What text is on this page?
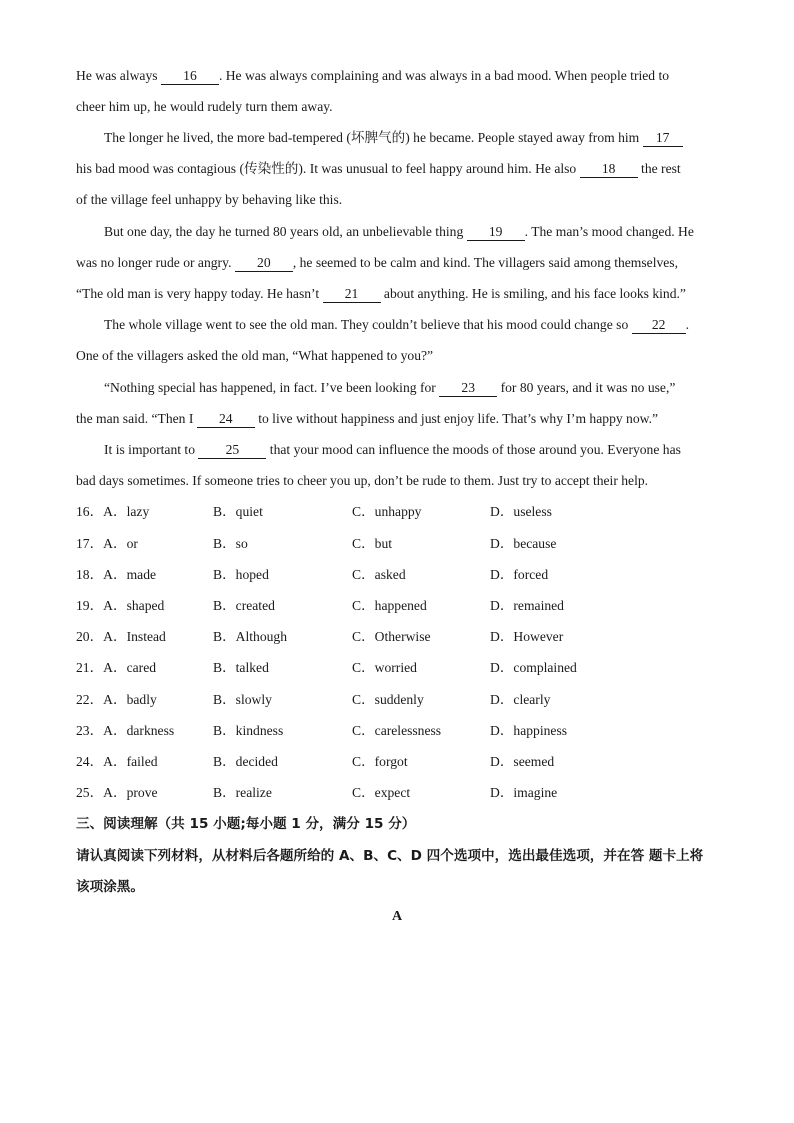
He was always 16 . He was always complaining and was always in a bad mood. When people tried to
cheer him up, he would rudely turn them away.
The longer he lived, the more bad-tempered (坏脾气的) he became. People stayed away from him 17
his bad mood was contagious (传染性的). It was unusual to feel happy around him. He also 18 the rest
of the village feel unhappy by behaving like this.
But one day, the day he turned 80 years old, an unbelievable thing 19 . The man’s mood changed. He
was no longer rude or angry. 20 , he seemed to be calm and kind. The villagers said among themselves,
“The old man is very happy today. He hasn’t 21 about anything. He is smiling, and his face looks kind.”
The whole village went to see the old man. They couldn’t believe that his mood could change so 22 .
One of the villagers asked the old man, “What happened to you?”
“Nothing special has happened, in fact. I’ve been looking for 23 for 80 years, and it was no use,”
the man said. “Then I 24 to live without happiness and just enjoy life. That’s why I’m happy now.”
It is important to 25 that your mood can influence the moods of those around you. Everyone has
bad days sometimes. If someone tries to cheer you up, don’t be rude to them. Just try to accept their help.
16．A．lazy	B．quiet	C．unhappy	D．useless
17．A．or	B．so	C．but	D．because
18．A．made	B．hoped	C．asked	D．forced
19．A．shaped	B．created	C．happened	D．remained
20．A．Instead	B．Although	C．Otherwise	D．However
21．A．cared	B．talked	C．worried	D．complained
22．A．badly	B．slowly	C．suddenly	D．clearly
23．A．darkness	B．kindness	C．carelessness	D．happiness
24．A．failed	B．decided	C．forgot	D．seemed
25．A．prove	B．realize	C．expect	D．imagine
三、阅读理解（共 15 小题;每小题 1 分，满分 15 分）
请认真阅读下列材料，从材料后各题所给的 A、B、C、D 四个选项中，选出最佳选项，并在答 题卡上将
该项涂黑。
A
